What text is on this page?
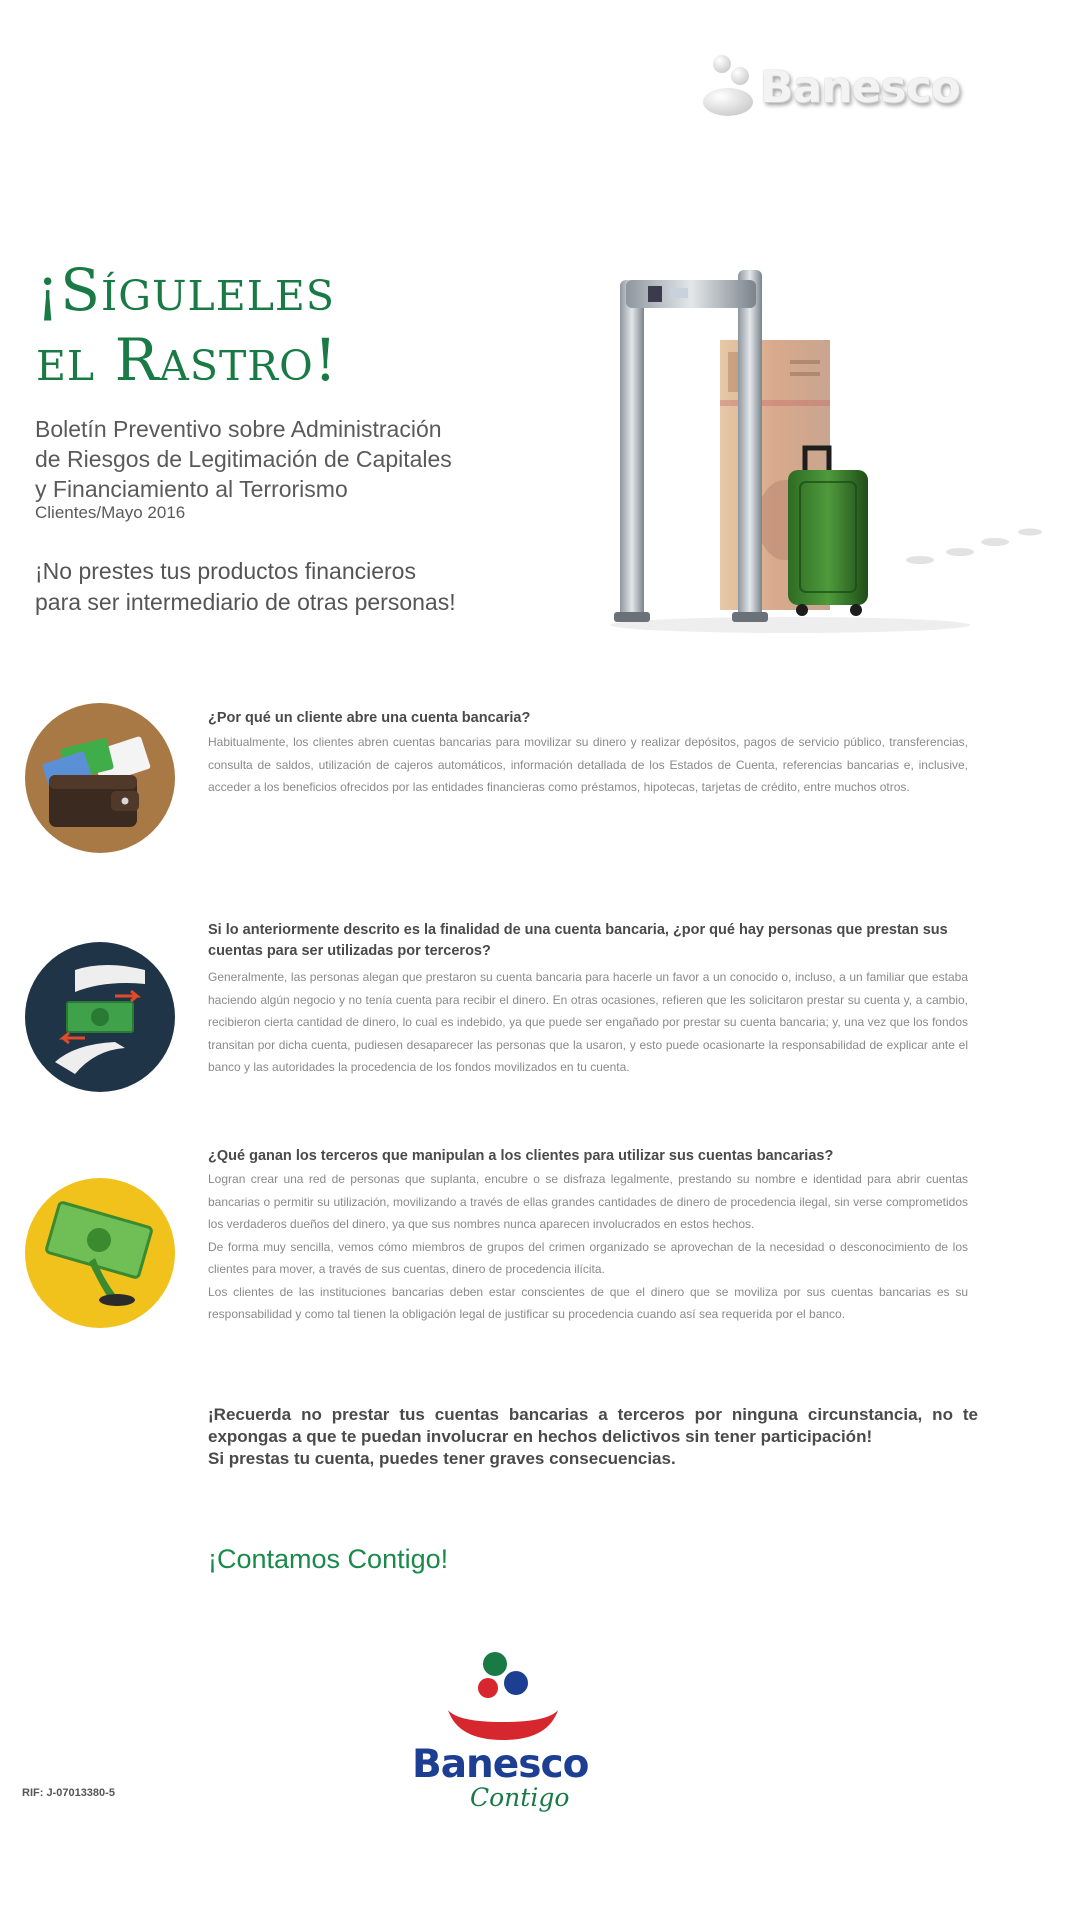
Banesco
¡Síguleles
el Rastro!
Boletín Preventivo sobre Administración
de Riesgos de Legitimación de Capitales
y Financiamiento al Terrorismo
Clientes/Mayo 2016
¡No prestes tus productos financieros
para ser intermediario de otras personas!
¿Por qué un cliente abre una cuenta bancaria?

Habitualmente, los clientes abren cuentas bancarias para movilizar su dinero y realizar depósitos, pagos de servicio público, transferencias, consulta de saldos, utilización de cajeros automáticos, información detallada de los Estados de Cuenta, referencias bancarias e, inclusive, acceder a los beneficios ofrecidos por las entidades financieras como préstamos, hipotecas, tarjetas de crédito, entre muchos otros.

Si lo anteriormente descrito es la finalidad de una cuenta bancaria, ¿por qué hay personas que prestan sus cuentas para ser utilizadas por terceros?

Generalmente, las personas alegan que prestaron su cuenta bancaria para hacerle un favor a un conocido o, incluso, a un familiar que estaba haciendo algún negocio y no tenía cuenta para recibir el dinero. En otras ocasiones, refieren que les solicitaron prestar su cuenta y, a cambio, recibieron cierta cantidad de dinero, lo cual es indebido, ya que puede ser engañado por prestar su cuenta bancaria; y, una vez que los fondos transitan por dicha cuenta, pudiesen desaparecer las personas que la usaron, y esto puede ocasionarte la responsabilidad de explicar ante el banco y las autoridades la procedencia de los fondos movilizados en tu cuenta.

¿Qué ganan los terceros que manipulan a los clientes para utilizar sus cuentas bancarias?

Logran crear una red de personas que suplanta, encubre o se disfraza legalmente, prestando su nombre e identidad para abrir cuentas bancarias o permitir su utilización, movilizando a través de ellas grandes cantidades de dinero de procedencia ilegal, sin verse comprometidos los verdaderos dueños del dinero, ya que sus nombres nunca aparecen involucrados en estos hechos.

De forma muy sencilla, vemos cómo miembros de grupos del crimen organizado se aprovechan de la necesidad o desconocimiento de los clientes para mover, a través de sus cuentas, dinero de procedencia ilícita.

Los clientes de las instituciones bancarias deben estar conscientes de que el dinero que se moviliza por sus cuentas bancarias es su responsabilidad y como tal tienen la obligación legal de justificar su procedencia cuando así sea requerida por el banco.

¡Recuerda no prestar tus cuentas bancarias a terceros por ninguna circunstancia, no te expongas a que te puedan involucrar en hechos delictivos sin tener participación!
Si prestas tu cuenta, puedes tener graves consecuencias.
¡Contamos Contigo!
Banesco
Contigo
RIF: J-07013380-5
